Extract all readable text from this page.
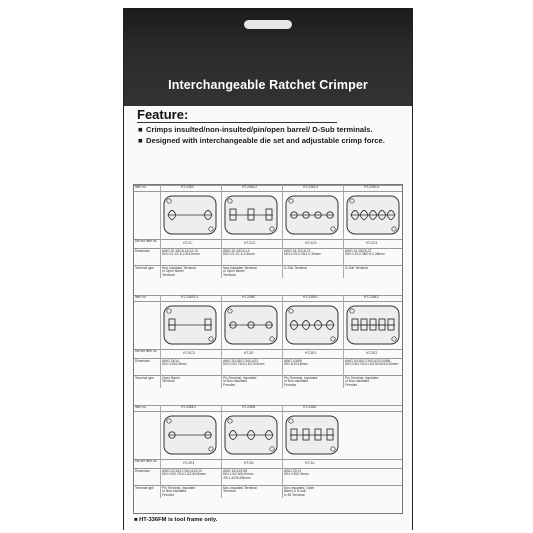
Interchangeable Ratchet Crimper
Feature:
■ Crimps insulted/non-insulted/pin/open barrel/ D-Sub terminals.
■ Designed with interchangeable die set and adjustable crimp force.
Item no.
Die set Item no.
Dimension
Terminal type
HT-236C
HT-2C
AWG 20-18/16-14/12-10
DIN 0.5-1/1.5-2.5/4-6mm²
Non-insulated Terminal
or Open Barrel
Terminal
HT-236C2
HT-2C2
AWG 20-18/16-14
DIN 0.5-1/1.5-2.5mm²
Non-insulated Terminal
or Open Barrel
Terminal
HT-236C3
HT-2C3
AWG 24-20/18-22
DIN 0.25-0.05/1-0.35mm²
D-Sub Terminal
HT-236C4
HT-2C4
AWG 24-28/26-22
DIN 0.25-0.08/0.5-0.35mm²
D-Sub Terminal
Item no.
Die set Item no.
Dimension
Terminal type
HT-236SC3
HT-SC3
AWG 24/14
DIN 0.25/2.5mm²
Open Barrel
Terminal
HT-236E
HT-2E
AWG 20/18/17/16/14/12
DIN 0.5/0.75/1/1.5/2.5/4mm²
Pin Terminal, Insulated
or Non-insulated
Ferrules
HT-236E1
HT-2E1
AWG 10/8/6
DIN 6/10/16mm²
Pin Terminal, Insulated
or Non-insulated
Ferrules
HT-236E2
HT-2E2
AWG 20/18/17/16/14/12/10/8/6
DIN 0.5/0.75/1/1.5/2.5/4/6/10/16mm²
Pin Terminal, Insulated
or Non-insulated
Ferrules
Item no.
Die set Item no.
Dimension
Terminal type
HT-236E3
HT-2E3
AWG 20/18/17/16/14/12/10
DIN 0.5/0.75/1/1.5/2.5/4/6mm²
Pin Terminal, Insulated
or Non-insulated
Ferrules
HT-236N
HT-2N
AWG 16/14/10/8
DIN 1.5/2.5/6/10mm²
JIS 1.4/2/5.5/8mm²
Non-insulated Terminal
Terminal
HT-236U
HT-2U
AWG 22/14
DIN 0.35/2.5mm²
Non-insulated, Open
Barrel & D-sub,
in 35 Terminal
■ HT-336FM is tool frame only.
